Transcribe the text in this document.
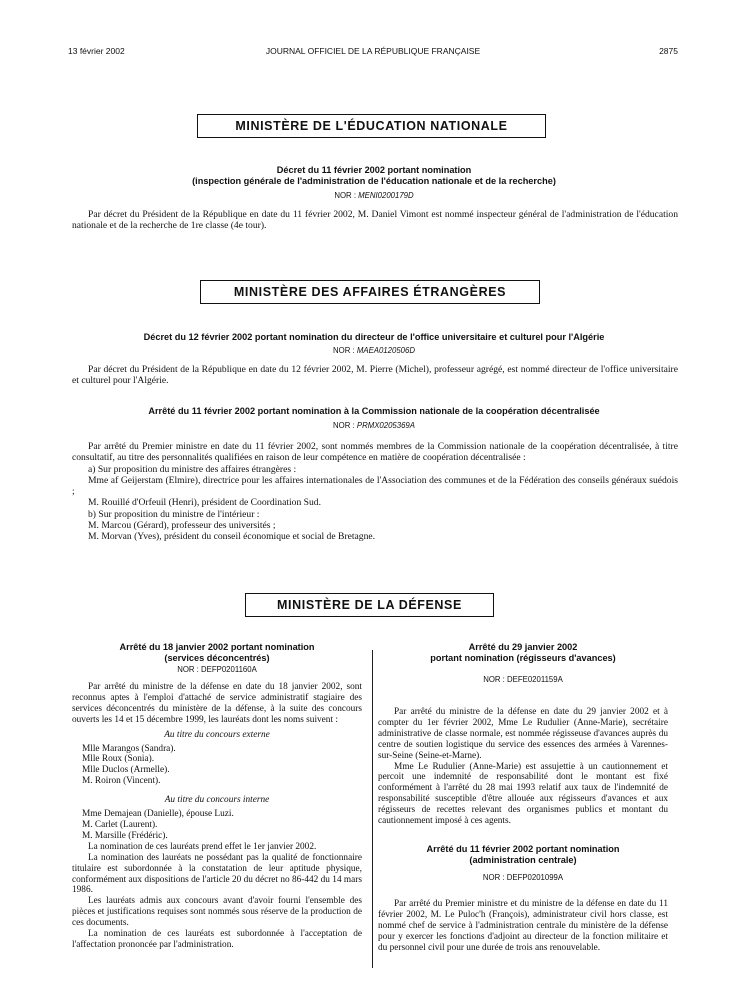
13 février 2002	JOURNAL OFFICIEL DE LA RÉPUBLIQUE FRANÇAISE	2875
MINISTÈRE DE L'ÉDUCATION NATIONALE
Décret du 11 février 2002 portant nomination
(inspection générale de l'administration de l'éducation nationale et de la recherche)
NOR : MENI0200179D

Par décret du Président de la République en date du 11 février 2002, M. Daniel Vimont est nommé inspecteur général de l'administration de l'éducation nationale et de la recherche de 1re classe (4e tour).

MINISTÈRE DES AFFAIRES ÉTRANGÈRES
Décret du 12 février 2002 portant nomination du directeur de l'office universitaire et culturel pour l'Algérie
NOR : MAEA0120506D

Par décret du Président de la République en date du 12 février 2002, M. Pierre (Michel), professeur agrégé, est nommé directeur de l'office universitaire et culturel pour l'Algérie.

Arrêté du 11 février 2002 portant nomination à la Commission nationale de la coopération décentralisée
NOR : PRMX0205369A

Par arrêté du Premier ministre en date du 11 février 2002, sont nommés membres de la Commission nationale de la coopération décentralisée, à titre consultatif, au titre des personnalités qualifiées en raison de leur compétence en matière de coopération décentralisée :

a) Sur proposition du ministre des affaires étrangères :

Mme af Geijerstam (Elmire), directrice pour les affaires internationales de l'Association des communes et de la Fédération des conseils généraux suédois ;

M. Rouillé d'Orfeuil (Henri), président de Coordination Sud.

b) Sur proposition du ministre de l'intérieur :

M. Marcou (Gérard), professeur des universités ;

M. Morvan (Yves), président du conseil économique et social de Bretagne.

MINISTÈRE DE LA DÉFENSE
Arrêté du 18 janvier 2002 portant nomination
(services déconcentrés)
NOR : DEFP0201160A

Par arrêté du ministre de la défense en date du 18 janvier 2002, sont reconnus aptes à l'emploi d'attaché de service administratif stagiaire des services déconcentrés du ministère de la défense, à la suite des concours ouverts les 14 et 15 décembre 1999, les lauréats dont les noms suivent :

Au titre du concours externe

Mlle Marangos (Sandra).

Mlle Roux (Sonia).

Mlle Duclos (Armelle).

M. Roiron (Vincent).

Au titre du concours interne

Mme Demajean (Danielle), épouse Luzi.

M. Carlet (Laurent).

M. Marsille (Frédéric).

La nomination de ces lauréats prend effet le 1er janvier 2002.

La nomination des lauréats ne possédant pas la qualité de fonctionnaire titulaire est subordonnée à la constatation de leur aptitude physique, conformément aux dispositions de l'article 20 du décret no 86-442 du 14 mars 1986.

Les lauréats admis aux concours avant d'avoir fourni l'ensemble des pièces et justifications requises sont nommés sous réserve de la production de ces documents.

La nomination de ces lauréats est subordonnée à l'acceptation de l'affectation prononcée par l'administration.

Arrêté du 29 janvier 2002
portant nomination (régisseurs d'avances)
NOR : DEFE0201159A

Par arrêté du ministre de la défense en date du 29 janvier 2002 et à compter du 1er février 2002, Mme Le Rudulier (Anne-Marie), secrétaire administrative de classe normale, est nommée régisseuse d'avances auprès du centre de soutien logistique du service des essences des armées à Varennes-sur-Seine (Seine-et-Marne).

Mme Le Rudulier (Anne-Marie) est assujettie à un cautionnement et percoit une indemnité de responsabilité dont le montant est fixé conformément à l'arrêté du 28 mai 1993 relatif aux taux de l'indemnité de responsabilité susceptible d'être allouée aux régisseurs d'avances et aux régisseurs de recettes relevant des organismes publics et montant du cautionnement imposé à ces agents.

Arrêté du 11 février 2002 portant nomination
(administration centrale)
NOR : DEFP0201099A

Par arrêté du Premier ministre et du ministre de la défense en date du 11 février 2002, M. Le Puloc'h (François), administrateur civil hors classe, est nommé chef de service à l'administration centrale du ministère de la défense pour y exercer les fonctions d'adjoint au directeur de la fonction militaire et du personnel civil pour une durée de trois ans renouvelable.
